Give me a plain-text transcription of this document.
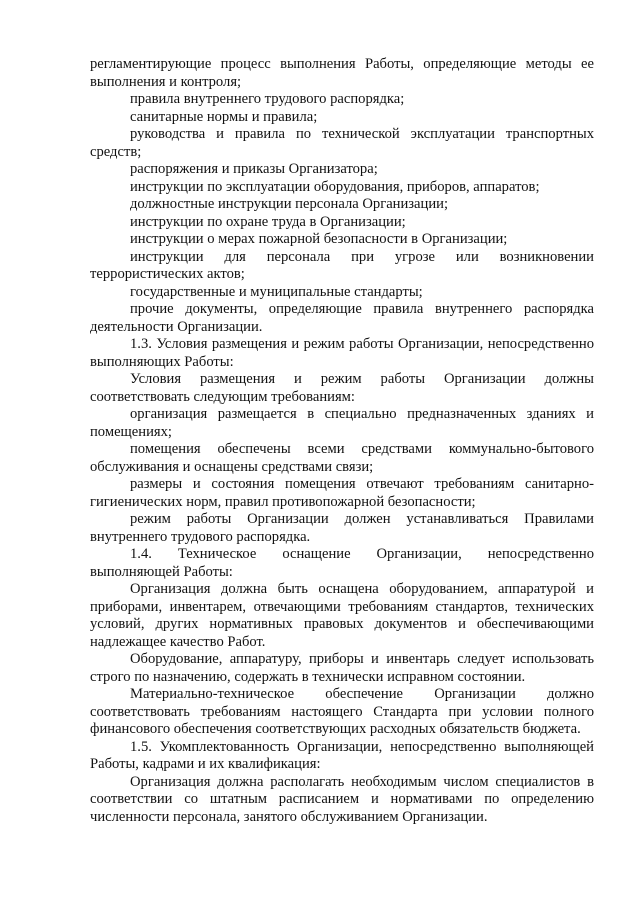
регламентирующие процесс выполнения Работы, определяющие методы ее выполнения и контроля;

правила внутреннего трудового распорядка;

санитарные нормы и правила;

руководства и правила по технической эксплуатации транспортных средств;

распоряжения и приказы Организатора;

инструкции по эксплуатации оборудования, приборов, аппаратов;

должностные инструкции персонала Организации;

инструкции по охране труда в Организации;

инструкции о мерах пожарной безопасности в Организации;

инструкции для персонала при угрозе или возникновении террористических актов;

государственные и муниципальные стандарты;

прочие документы, определяющие правила внутреннего распорядка деятельности Организации.

1.3. Условия размещения и режим работы Организации, непосредственно выполняющих Работы:

Условия размещения и режим работы Организации должны соответствовать следующим требованиям:

организация размещается в специально предназначенных зданиях и помещениях;

помещения обеспечены всеми средствами коммунально-бытового обслуживания и оснащены средствами связи;

размеры и состояния помещения отвечают требованиям санитарно-гигиенических норм, правил противопожарной безопасности;

режим работы Организации должен устанавливаться Правилами внутреннего трудового распорядка.

1.4. Техническое оснащение Организации, непосредственно выполняющей Работы:

Организация должна быть оснащена оборудованием, аппаратурой и приборами, инвентарем, отвечающими требованиям стандартов, технических условий, других нормативных правовых документов и обеспечивающими надлежащее качество Работ.

Оборудование, аппаратуру, приборы и инвентарь следует использовать строго по назначению, содержать в технически исправном состоянии.

Материально-техническое обеспечение Организации должно соответствовать требованиям настоящего Стандарта при условии полного финансового обеспечения соответствующих расходных обязательств бюджета.

1.5. Укомплектованность Организации, непосредственно выполняющей Работы, кадрами и их квалификация:

Организация должна располагать необходимым числом специалистов в соответствии со штатным расписанием и нормативами по определению численности персонала, занятого обслуживанием Организации.
